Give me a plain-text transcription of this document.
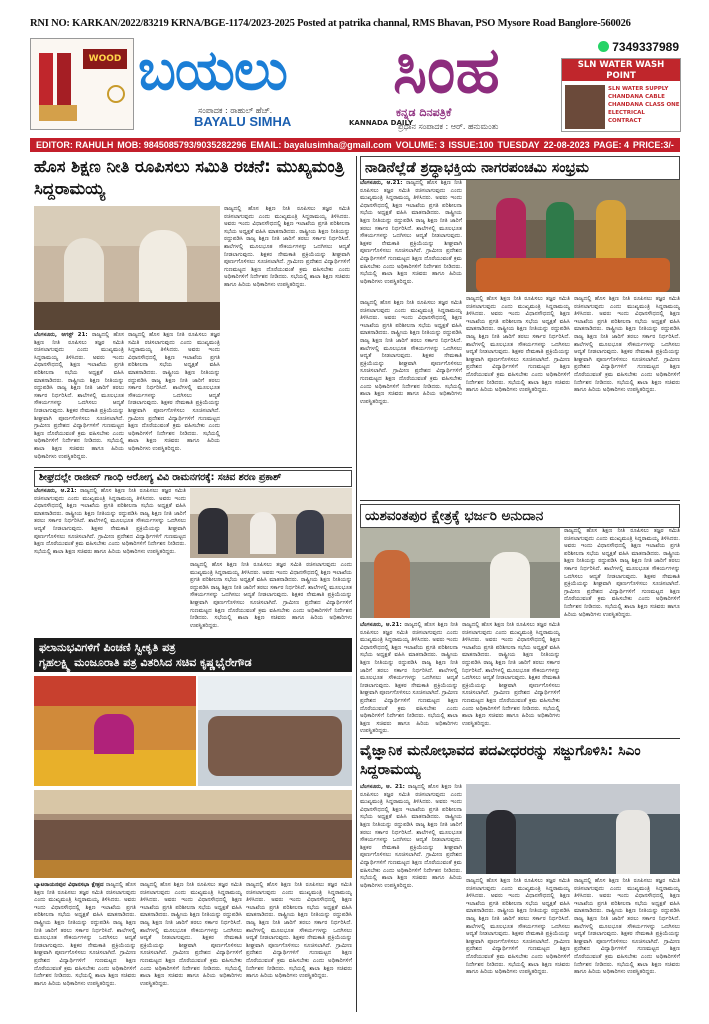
RNI NO: KARKAN/2022/83219 KRNA/BGE-1174/2023-2025 Posted at patrika channal, RMS Bhavan, PSO Mysore Road Banglore-560026
WOOD ಬಯಲು ಸಿಂಹ
ಸಂಪಾದಕ : ರಾಹುಲ್ ಹೆಚ್.	ಕನ್ನಡ ದಿನಪತ್ರಿಕೆ
BAYALU SIMHA	KANNADA DAILY
ಪ್ರಧಾನ ಸಂಪಾದಕ : ಆರ್. ಹನುಮಂತು
7349337989
SLN WATER WASH POINT
SLN WATER SUPPLY
CHANDANA CABLE
CHANDANA CLASS ONE
ELECTRICAL CONTRACT
EDITOR: RAHULH MOB: 9845085793/9035282296 EMAIL: bayalusimha@gmail.com VOLUME: 3 ISSUE:100 TUESDAY 22-08-2023 PAGE: 4 PRICE:3/-
ಹೊಸ ಶಿಕ್ಷಣ ನೀತಿ ರೂಪಿಸಲು ಸಮಿತಿ ರಚನೆ: ಮುಖ್ಯಮಂತ್ರಿ ಸಿದ್ದರಾಮಯ್ಯ
ಬೆಂಗಳೂರು, ಆಗಸ್ಟ್ 21: ರಾಜ್ಯದಲ್ಲಿ ಹೊಸ ಶಿಕ್ಷಣ ನೀತಿ ರೂಪಿಸಲು ತಜ್ಞರ ಸಮಿತಿ ರಚಿಸಲಾಗುವುದು ಎಂದು ಮುಖ್ಯಮಂತ್ರಿ ಸಿದ್ದರಾಮಯ್ಯ ತಿಳಿಸಿದರು. ಅವರು ಇಂದು ವಿಧಾನಸೌಧದಲ್ಲಿ ಶಿಕ್ಷಣ ಇಲಾಖೆಯ ಪ್ರಗತಿ ಪರಿಶೀಲನಾ ಸಭೆಯ ಅಧ್ಯಕ್ಷತೆ ವಹಿಸಿ ಮಾತನಾಡಿದರು. ರಾಷ್ಟ್ರೀಯ ಶಿಕ್ಷಣ ನೀತಿಯನ್ನು ರದ್ದುಪಡಿಸಿ ರಾಜ್ಯ ಶಿಕ್ಷಣ ನೀತಿ ಜಾರಿಗೆ ತರಲು ಸರ್ಕಾರ ನಿರ್ಧರಿಸಿದೆ. ಶಾಲೆಗಳಲ್ಲಿ ಮೂಲಭೂತ ಸೌಕರ್ಯಗಳನ್ನು ಒದಗಿಸಲು ಆದ್ಯತೆ ನೀಡಲಾಗುವುದು. ಶಿಕ್ಷಕರ ನೇಮಕಾತಿ ಪ್ರಕ್ರಿಯೆಯನ್ನು ಶೀಘ್ರವಾಗಿ ಪೂರ್ಣಗೊಳಿಸಲು ಸೂಚಿಸಲಾಗಿದೆ. ಗ್ರಾಮೀಣ ಪ್ರದೇಶದ ವಿದ್ಯಾರ್ಥಿಗಳಿಗೆ ಗುಣಮಟ್ಟದ ಶಿಕ್ಷಣ ದೊರೆಯುವಂತೆ ಕ್ರಮ ವಹಿಸಬೇಕು ಎಂದು ಅಧಿಕಾರಿಗಳಿಗೆ ನಿರ್ದೇಶನ ನೀಡಿದರು. ಸಭೆಯಲ್ಲಿ ಶಾಲಾ ಶಿಕ್ಷಣ ಸಚಿವರು ಹಾಗೂ ಹಿರಿಯ ಅಧಿಕಾರಿಗಳು ಉಪಸ್ಥಿತರಿದ್ದರು.
ರಾಜ್ಯದಲ್ಲಿ ಹೊಸ ಶಿಕ್ಷಣ ನೀತಿ ರೂಪಿಸಲು ತಜ್ಞರ ಸಮಿತಿ ರಚಿಸಲಾಗುವುದು ಎಂದು ಮುಖ್ಯಮಂತ್ರಿ ಸಿದ್ದರಾಮಯ್ಯ ತಿಳಿಸಿದರು. ಅವರು ಇಂದು ವಿಧಾನಸೌಧದಲ್ಲಿ ಶಿಕ್ಷಣ ಇಲಾಖೆಯ ಪ್ರಗತಿ ಪರಿಶೀಲನಾ ಸಭೆಯ ಅಧ್ಯಕ್ಷತೆ ವಹಿಸಿ ಮಾತನಾಡಿದರು. ರಾಷ್ಟ್ರೀಯ ಶಿಕ್ಷಣ ನೀತಿಯನ್ನು ರದ್ದುಪಡಿಸಿ ರಾಜ್ಯ ಶಿಕ್ಷಣ ನೀತಿ ಜಾರಿಗೆ ತರಲು ಸರ್ಕಾರ ನಿರ್ಧರಿಸಿದೆ. ಶಾಲೆಗಳಲ್ಲಿ ಮೂಲಭೂತ ಸೌಕರ್ಯಗಳನ್ನು ಒದಗಿಸಲು ಆದ್ಯತೆ ನೀಡಲಾಗುವುದು. ಶಿಕ್ಷಕರ ನೇಮಕಾತಿ ಪ್ರಕ್ರಿಯೆಯನ್ನು ಶೀಘ್ರವಾಗಿ ಪೂರ್ಣಗೊಳಿಸಲು ಸೂಚಿಸಲಾಗಿದೆ. ಗ್ರಾಮೀಣ ಪ್ರದೇಶದ ವಿದ್ಯಾರ್ಥಿಗಳಿಗೆ ಗುಣಮಟ್ಟದ ಶಿಕ್ಷಣ ದೊರೆಯುವಂತೆ ಕ್ರಮ ವಹಿಸಬೇಕು ಎಂದು ಅಧಿಕಾರಿಗಳಿಗೆ ನಿರ್ದೇಶನ ನೀಡಿದರು. ಸಭೆಯಲ್ಲಿ ಶಾಲಾ ಶಿಕ್ಷಣ ಸಚಿವರು ಹಾಗೂ ಹಿರಿಯ ಅಧಿಕಾರಿಗಳು ಉಪಸ್ಥಿತರಿದ್ದರು.
ರಾಜ್ಯದಲ್ಲಿ ಹೊಸ ಶಿಕ್ಷಣ ನೀತಿ ರೂಪಿಸಲು ತಜ್ಞರ ಸಮಿತಿ ರಚಿಸಲಾಗುವುದು ಎಂದು ಮುಖ್ಯಮಂತ್ರಿ ಸಿದ್ದರಾಮಯ್ಯ ತಿಳಿಸಿದರು. ಅವರು ಇಂದು ವಿಧಾನಸೌಧದಲ್ಲಿ ಶಿಕ್ಷಣ ಇಲಾಖೆಯ ಪ್ರಗತಿ ಪರಿಶೀಲನಾ ಸಭೆಯ ಅಧ್ಯಕ್ಷತೆ ವಹಿಸಿ ಮಾತನಾಡಿದರು. ರಾಷ್ಟ್ರೀಯ ಶಿಕ್ಷಣ ನೀತಿಯನ್ನು ರದ್ದುಪಡಿಸಿ ರಾಜ್ಯ ಶಿಕ್ಷಣ ನೀತಿ ಜಾರಿಗೆ ತರಲು ಸರ್ಕಾರ ನಿರ್ಧರಿಸಿದೆ. ಶಾಲೆಗಳಲ್ಲಿ ಮೂಲಭೂತ ಸೌಕರ್ಯಗಳನ್ನು ಒದಗಿಸಲು ಆದ್ಯತೆ ನೀಡಲಾಗುವುದು. ಶಿಕ್ಷಕರ ನೇಮಕಾತಿ ಪ್ರಕ್ರಿಯೆಯನ್ನು ಶೀಘ್ರವಾಗಿ ಪೂರ್ಣಗೊಳಿಸಲು ಸೂಚಿಸಲಾಗಿದೆ. ಗ್ರಾಮೀಣ ಪ್ರದೇಶದ ವಿದ್ಯಾರ್ಥಿಗಳಿಗೆ ಗುಣಮಟ್ಟದ ಶಿಕ್ಷಣ ದೊರೆಯುವಂತೆ ಕ್ರಮ ವಹಿಸಬೇಕು ಎಂದು ಅಧಿಕಾರಿಗಳಿಗೆ ನಿರ್ದೇಶನ ನೀಡಿದರು. ಸಭೆಯಲ್ಲಿ ಶಾಲಾ ಶಿಕ್ಷಣ ಸಚಿವರು ಹಾಗೂ ಹಿರಿಯ ಅಧಿಕಾರಿಗಳು ಉಪಸ್ಥಿತರಿದ್ದರು.
ಶೀಘ್ರದಲ್ಲೇ ರಾಜೀವ್ ಗಾಂಧಿ ಆರೋಗ್ಯ ವಿವಿ ರಾಮನಗರಕ್ಕೆ: ಸಚಿವ ಶರಣ ಪ್ರಕಾಶ್
ಬೆಂಗಳೂರು, ಆ.21: ರಾಜ್ಯದಲ್ಲಿ ಹೊಸ ಶಿಕ್ಷಣ ನೀತಿ ರೂಪಿಸಲು ತಜ್ಞರ ಸಮಿತಿ ರಚಿಸಲಾಗುವುದು ಎಂದು ಮುಖ್ಯಮಂತ್ರಿ ಸಿದ್ದರಾಮಯ್ಯ ತಿಳಿಸಿದರು. ಅವರು ಇಂದು ವಿಧಾನಸೌಧದಲ್ಲಿ ಶಿಕ್ಷಣ ಇಲಾಖೆಯ ಪ್ರಗತಿ ಪರಿಶೀಲನಾ ಸಭೆಯ ಅಧ್ಯಕ್ಷತೆ ವಹಿಸಿ ಮಾತನಾಡಿದರು. ರಾಷ್ಟ್ರೀಯ ಶಿಕ್ಷಣ ನೀತಿಯನ್ನು ರದ್ದುಪಡಿಸಿ ರಾಜ್ಯ ಶಿಕ್ಷಣ ನೀತಿ ಜಾರಿಗೆ ತರಲು ಸರ್ಕಾರ ನಿರ್ಧರಿಸಿದೆ. ಶಾಲೆಗಳಲ್ಲಿ ಮೂಲಭೂತ ಸೌಕರ್ಯಗಳನ್ನು ಒದಗಿಸಲು ಆದ್ಯತೆ ನೀಡಲಾಗುವುದು. ಶಿಕ್ಷಕರ ನೇಮಕಾತಿ ಪ್ರಕ್ರಿಯೆಯನ್ನು ಶೀಘ್ರವಾಗಿ ಪೂರ್ಣಗೊಳಿಸಲು ಸೂಚಿಸಲಾಗಿದೆ. ಗ್ರಾಮೀಣ ಪ್ರದೇಶದ ವಿದ್ಯಾರ್ಥಿಗಳಿಗೆ ಗುಣಮಟ್ಟದ ಶಿಕ್ಷಣ ದೊರೆಯುವಂತೆ ಕ್ರಮ ವಹಿಸಬೇಕು ಎಂದು ಅಧಿಕಾರಿಗಳಿಗೆ ನಿರ್ದೇಶನ ನೀಡಿದರು. ಸಭೆಯಲ್ಲಿ ಶಾಲಾ ಶಿಕ್ಷಣ ಸಚಿವರು ಹಾಗೂ ಹಿರಿಯ ಅಧಿಕಾರಿಗಳು ಉಪಸ್ಥಿತರಿದ್ದರು.
ರಾಜ್ಯದಲ್ಲಿ ಹೊಸ ಶಿಕ್ಷಣ ನೀತಿ ರೂಪಿಸಲು ತಜ್ಞರ ಸಮಿತಿ ರಚಿಸಲಾಗುವುದು ಎಂದು ಮುಖ್ಯಮಂತ್ರಿ ಸಿದ್ದರಾಮಯ್ಯ ತಿಳಿಸಿದರು. ಅವರು ಇಂದು ವಿಧಾನಸೌಧದಲ್ಲಿ ಶಿಕ್ಷಣ ಇಲಾಖೆಯ ಪ್ರಗತಿ ಪರಿಶೀಲನಾ ಸಭೆಯ ಅಧ್ಯಕ್ಷತೆ ವಹಿಸಿ ಮಾತನಾಡಿದರು. ರಾಷ್ಟ್ರೀಯ ಶಿಕ್ಷಣ ನೀತಿಯನ್ನು ರದ್ದುಪಡಿಸಿ ರಾಜ್ಯ ಶಿಕ್ಷಣ ನೀತಿ ಜಾರಿಗೆ ತರಲು ಸರ್ಕಾರ ನಿರ್ಧರಿಸಿದೆ. ಶಾಲೆಗಳಲ್ಲಿ ಮೂಲಭೂತ ಸೌಕರ್ಯಗಳನ್ನು ಒದಗಿಸಲು ಆದ್ಯತೆ ನೀಡಲಾಗುವುದು. ಶಿಕ್ಷಕರ ನೇಮಕಾತಿ ಪ್ರಕ್ರಿಯೆಯನ್ನು ಶೀಘ್ರವಾಗಿ ಪೂರ್ಣಗೊಳಿಸಲು ಸೂಚಿಸಲಾಗಿದೆ. ಗ್ರಾಮೀಣ ಪ್ರದೇಶದ ವಿದ್ಯಾರ್ಥಿಗಳಿಗೆ ಗುಣಮಟ್ಟದ ಶಿಕ್ಷಣ ದೊರೆಯುವಂತೆ ಕ್ರಮ ವಹಿಸಬೇಕು ಎಂದು ಅಧಿಕಾರಿಗಳಿಗೆ ನಿರ್ದೇಶನ ನೀಡಿದರು. ಸಭೆಯಲ್ಲಿ ಶಾಲಾ ಶಿಕ್ಷಣ ಸಚಿವರು ಹಾಗೂ ಹಿರಿಯ ಅಧಿಕಾರಿಗಳು ಉಪಸ್ಥಿತರಿದ್ದರು.
ಫಲಾನುಭವಿಗಳಿಗೆ ಪಿಂಚಣಿ ಸ್ವೀಕೃತಿ ಪತ್ರ
ಗೃಹಲಕ್ಷ್ಮಿ ಮಂಜೂರಾತಿ ಪತ್ರ ವಿತರಿಸಿದ ಸಚಿವ ಕೃಷ್ಣಭೈರೇಗೌಡ
ಬ್ಯಾಟರಾಯನಪುರ ವಿಧಾನಸಭಾ ಕ್ಷೇತ್ರದ ರಾಜ್ಯದಲ್ಲಿ ಹೊಸ ಶಿಕ್ಷಣ ನೀತಿ ರೂಪಿಸಲು ತಜ್ಞರ ಸಮಿತಿ ರಚಿಸಲಾಗುವುದು ಎಂದು ಮುಖ್ಯಮಂತ್ರಿ ಸಿದ್ದರಾಮಯ್ಯ ತಿಳಿಸಿದರು. ಅವರು ಇಂದು ವಿಧಾನಸೌಧದಲ್ಲಿ ಶಿಕ್ಷಣ ಇಲಾಖೆಯ ಪ್ರಗತಿ ಪರಿಶೀಲನಾ ಸಭೆಯ ಅಧ್ಯಕ್ಷತೆ ವಹಿಸಿ ಮಾತನಾಡಿದರು. ರಾಷ್ಟ್ರೀಯ ಶಿಕ್ಷಣ ನೀತಿಯನ್ನು ರದ್ದುಪಡಿಸಿ ರಾಜ್ಯ ಶಿಕ್ಷಣ ನೀತಿ ಜಾರಿಗೆ ತರಲು ಸರ್ಕಾರ ನಿರ್ಧರಿಸಿದೆ. ಶಾಲೆಗಳಲ್ಲಿ ಮೂಲಭೂತ ಸೌಕರ್ಯಗಳನ್ನು ಒದಗಿಸಲು ಆದ್ಯತೆ ನೀಡಲಾಗುವುದು. ಶಿಕ್ಷಕರ ನೇಮಕಾತಿ ಪ್ರಕ್ರಿಯೆಯನ್ನು ಶೀಘ್ರವಾಗಿ ಪೂರ್ಣಗೊಳಿಸಲು ಸೂಚಿಸಲಾಗಿದೆ. ಗ್ರಾಮೀಣ ಪ್ರದೇಶದ ವಿದ್ಯಾರ್ಥಿಗಳಿಗೆ ಗುಣಮಟ್ಟದ ಶಿಕ್ಷಣ ದೊರೆಯುವಂತೆ ಕ್ರಮ ವಹಿಸಬೇಕು ಎಂದು ಅಧಿಕಾರಿಗಳಿಗೆ ನಿರ್ದೇಶನ ನೀಡಿದರು. ಸಭೆಯಲ್ಲಿ ಶಾಲಾ ಶಿಕ್ಷಣ ಸಚಿವರು ಹಾಗೂ ಹಿರಿಯ ಅಧಿಕಾರಿಗಳು ಉಪಸ್ಥಿತರಿದ್ದರು.
ರಾಜ್ಯದಲ್ಲಿ ಹೊಸ ಶಿಕ್ಷಣ ನೀತಿ ರೂಪಿಸಲು ತಜ್ಞರ ಸಮಿತಿ ರಚಿಸಲಾಗುವುದು ಎಂದು ಮುಖ್ಯಮಂತ್ರಿ ಸಿದ್ದರಾಮಯ್ಯ ತಿಳಿಸಿದರು. ಅವರು ಇಂದು ವಿಧಾನಸೌಧದಲ್ಲಿ ಶಿಕ್ಷಣ ಇಲಾಖೆಯ ಪ್ರಗತಿ ಪರಿಶೀಲನಾ ಸಭೆಯ ಅಧ್ಯಕ್ಷತೆ ವಹಿಸಿ ಮಾತನಾಡಿದರು. ರಾಷ್ಟ್ರೀಯ ಶಿಕ್ಷಣ ನೀತಿಯನ್ನು ರದ್ದುಪಡಿಸಿ ರಾಜ್ಯ ಶಿಕ್ಷಣ ನೀತಿ ಜಾರಿಗೆ ತರಲು ಸರ್ಕಾರ ನಿರ್ಧರಿಸಿದೆ. ಶಾಲೆಗಳಲ್ಲಿ ಮೂಲಭೂತ ಸೌಕರ್ಯಗಳನ್ನು ಒದಗಿಸಲು ಆದ್ಯತೆ ನೀಡಲಾಗುವುದು. ಶಿಕ್ಷಕರ ನೇಮಕಾತಿ ಪ್ರಕ್ರಿಯೆಯನ್ನು ಶೀಘ್ರವಾಗಿ ಪೂರ್ಣಗೊಳಿಸಲು ಸೂಚಿಸಲಾಗಿದೆ. ಗ್ರಾಮೀಣ ಪ್ರದೇಶದ ವಿದ್ಯಾರ್ಥಿಗಳಿಗೆ ಗುಣಮಟ್ಟದ ಶಿಕ್ಷಣ ದೊರೆಯುವಂತೆ ಕ್ರಮ ವಹಿಸಬೇಕು ಎಂದು ಅಧಿಕಾರಿಗಳಿಗೆ ನಿರ್ದೇಶನ ನೀಡಿದರು. ಸಭೆಯಲ್ಲಿ ಶಾಲಾ ಶಿಕ್ಷಣ ಸಚಿವರು ಹಾಗೂ ಹಿರಿಯ ಅಧಿಕಾರಿಗಳು ಉಪಸ್ಥಿತರಿದ್ದರು.
ರಾಜ್ಯದಲ್ಲಿ ಹೊಸ ಶಿಕ್ಷಣ ನೀತಿ ರೂಪಿಸಲು ತಜ್ಞರ ಸಮಿತಿ ರಚಿಸಲಾಗುವುದು ಎಂದು ಮುಖ್ಯಮಂತ್ರಿ ಸಿದ್ದರಾಮಯ್ಯ ತಿಳಿಸಿದರು. ಅವರು ಇಂದು ವಿಧಾನಸೌಧದಲ್ಲಿ ಶಿಕ್ಷಣ ಇಲಾಖೆಯ ಪ್ರಗತಿ ಪರಿಶೀಲನಾ ಸಭೆಯ ಅಧ್ಯಕ್ಷತೆ ವಹಿಸಿ ಮಾತನಾಡಿದರು. ರಾಷ್ಟ್ರೀಯ ಶಿಕ್ಷಣ ನೀತಿಯನ್ನು ರದ್ದುಪಡಿಸಿ ರಾಜ್ಯ ಶಿಕ್ಷಣ ನೀತಿ ಜಾರಿಗೆ ತರಲು ಸರ್ಕಾರ ನಿರ್ಧರಿಸಿದೆ. ಶಾಲೆಗಳಲ್ಲಿ ಮೂಲಭೂತ ಸೌಕರ್ಯಗಳನ್ನು ಒದಗಿಸಲು ಆದ್ಯತೆ ನೀಡಲಾಗುವುದು. ಶಿಕ್ಷಕರ ನೇಮಕಾತಿ ಪ್ರಕ್ರಿಯೆಯನ್ನು ಶೀಘ್ರವಾಗಿ ಪೂರ್ಣಗೊಳಿಸಲು ಸೂಚಿಸಲಾಗಿದೆ. ಗ್ರಾಮೀಣ ಪ್ರದೇಶದ ವಿದ್ಯಾರ್ಥಿಗಳಿಗೆ ಗುಣಮಟ್ಟದ ಶಿಕ್ಷಣ ದೊರೆಯುವಂತೆ ಕ್ರಮ ವಹಿಸಬೇಕು ಎಂದು ಅಧಿಕಾರಿಗಳಿಗೆ ನಿರ್ದೇಶನ ನೀಡಿದರು. ಸಭೆಯಲ್ಲಿ ಶಾಲಾ ಶಿಕ್ಷಣ ಸಚಿವರು ಹಾಗೂ ಹಿರಿಯ ಅಧಿಕಾರಿಗಳು ಉಪಸ್ಥಿತರಿದ್ದರು.
ನಾಡಿನೆಲ್ಲೆಡೆ ಶ್ರದ್ಧಾಭಕ್ತಿಯ ನಾಗರಪಂಚಮಿ ಸಂಭ್ರಮ
ಬೆಂಗಳೂರು, ಆ.21: ರಾಜ್ಯದಲ್ಲಿ ಹೊಸ ಶಿಕ್ಷಣ ನೀತಿ ರೂಪಿಸಲು ತಜ್ಞರ ಸಮಿತಿ ರಚಿಸಲಾಗುವುದು ಎಂದು ಮುಖ್ಯಮಂತ್ರಿ ಸಿದ್ದರಾಮಯ್ಯ ತಿಳಿಸಿದರು. ಅವರು ಇಂದು ವಿಧಾನಸೌಧದಲ್ಲಿ ಶಿಕ್ಷಣ ಇಲಾಖೆಯ ಪ್ರಗತಿ ಪರಿಶೀಲನಾ ಸಭೆಯ ಅಧ್ಯಕ್ಷತೆ ವಹಿಸಿ ಮಾತನಾಡಿದರು. ರಾಷ್ಟ್ರೀಯ ಶಿಕ್ಷಣ ನೀತಿಯನ್ನು ರದ್ದುಪಡಿಸಿ ರಾಜ್ಯ ಶಿಕ್ಷಣ ನೀತಿ ಜಾರಿಗೆ ತರಲು ಸರ್ಕಾರ ನಿರ್ಧರಿಸಿದೆ. ಶಾಲೆಗಳಲ್ಲಿ ಮೂಲಭೂತ ಸೌಕರ್ಯಗಳನ್ನು ಒದಗಿಸಲು ಆದ್ಯತೆ ನೀಡಲಾಗುವುದು. ಶಿಕ್ಷಕರ ನೇಮಕಾತಿ ಪ್ರಕ್ರಿಯೆಯನ್ನು ಶೀಘ್ರವಾಗಿ ಪೂರ್ಣಗೊಳಿಸಲು ಸೂಚಿಸಲಾಗಿದೆ. ಗ್ರಾಮೀಣ ಪ್ರದೇಶದ ವಿದ್ಯಾರ್ಥಿಗಳಿಗೆ ಗುಣಮಟ್ಟದ ಶಿಕ್ಷಣ ದೊರೆಯುವಂತೆ ಕ್ರಮ ವಹಿಸಬೇಕು ಎಂದು ಅಧಿಕಾರಿಗಳಿಗೆ ನಿರ್ದೇಶನ ನೀಡಿದರು. ಸಭೆಯಲ್ಲಿ ಶಾಲಾ ಶಿಕ್ಷಣ ಸಚಿವರು ಹಾಗೂ ಹಿರಿಯ ಅಧಿಕಾರಿಗಳು ಉಪಸ್ಥಿತರಿದ್ದರು.
ರಾಜ್ಯದಲ್ಲಿ ಹೊಸ ಶಿಕ್ಷಣ ನೀತಿ ರೂಪಿಸಲು ತಜ್ಞರ ಸಮಿತಿ ರಚಿಸಲಾಗುವುದು ಎಂದು ಮುಖ್ಯಮಂತ್ರಿ ಸಿದ್ದರಾಮಯ್ಯ ತಿಳಿಸಿದರು. ಅವರು ಇಂದು ವಿಧಾನಸೌಧದಲ್ಲಿ ಶಿಕ್ಷಣ ಇಲಾಖೆಯ ಪ್ರಗತಿ ಪರಿಶೀಲನಾ ಸಭೆಯ ಅಧ್ಯಕ್ಷತೆ ವಹಿಸಿ ಮಾತನಾಡಿದರು. ರಾಷ್ಟ್ರೀಯ ಶಿಕ್ಷಣ ನೀತಿಯನ್ನು ರದ್ದುಪಡಿಸಿ ರಾಜ್ಯ ಶಿಕ್ಷಣ ನೀತಿ ಜಾರಿಗೆ ತರಲು ಸರ್ಕಾರ ನಿರ್ಧರಿಸಿದೆ. ಶಾಲೆಗಳಲ್ಲಿ ಮೂಲಭೂತ ಸೌಕರ್ಯಗಳನ್ನು ಒದಗಿಸಲು ಆದ್ಯತೆ ನೀಡಲಾಗುವುದು. ಶಿಕ್ಷಕರ ನೇಮಕಾತಿ ಪ್ರಕ್ರಿಯೆಯನ್ನು ಶೀಘ್ರವಾಗಿ ಪೂರ್ಣಗೊಳಿಸಲು ಸೂಚಿಸಲಾಗಿದೆ. ಗ್ರಾಮೀಣ ಪ್ರದೇಶದ ವಿದ್ಯಾರ್ಥಿಗಳಿಗೆ ಗುಣಮಟ್ಟದ ಶಿಕ್ಷಣ ದೊರೆಯುವಂತೆ ಕ್ರಮ ವಹಿಸಬೇಕು ಎಂದು ಅಧಿಕಾರಿಗಳಿಗೆ ನಿರ್ದೇಶನ ನೀಡಿದರು. ಸಭೆಯಲ್ಲಿ ಶಾಲಾ ಶಿಕ್ಷಣ ಸಚಿವರು ಹಾಗೂ ಹಿರಿಯ ಅಧಿಕಾರಿಗಳು ಉಪಸ್ಥಿತರಿದ್ದರು.
ರಾಜ್ಯದಲ್ಲಿ ಹೊಸ ಶಿಕ್ಷಣ ನೀತಿ ರೂಪಿಸಲು ತಜ್ಞರ ಸಮಿತಿ ರಚಿಸಲಾಗುವುದು ಎಂದು ಮುಖ್ಯಮಂತ್ರಿ ಸಿದ್ದರಾಮಯ್ಯ ತಿಳಿಸಿದರು. ಅವರು ಇಂದು ವಿಧಾನಸೌಧದಲ್ಲಿ ಶಿಕ್ಷಣ ಇಲಾಖೆಯ ಪ್ರಗತಿ ಪರಿಶೀಲನಾ ಸಭೆಯ ಅಧ್ಯಕ್ಷತೆ ವಹಿಸಿ ಮಾತನಾಡಿದರು. ರಾಷ್ಟ್ರೀಯ ಶಿಕ್ಷಣ ನೀತಿಯನ್ನು ರದ್ದುಪಡಿಸಿ ರಾಜ್ಯ ಶಿಕ್ಷಣ ನೀತಿ ಜಾರಿಗೆ ತರಲು ಸರ್ಕಾರ ನಿರ್ಧರಿಸಿದೆ. ಶಾಲೆಗಳಲ್ಲಿ ಮೂಲಭೂತ ಸೌಕರ್ಯಗಳನ್ನು ಒದಗಿಸಲು ಆದ್ಯತೆ ನೀಡಲಾಗುವುದು. ಶಿಕ್ಷಕರ ನೇಮಕಾತಿ ಪ್ರಕ್ರಿಯೆಯನ್ನು ಶೀಘ್ರವಾಗಿ ಪೂರ್ಣಗೊಳಿಸಲು ಸೂಚಿಸಲಾಗಿದೆ. ಗ್ರಾಮೀಣ ಪ್ರದೇಶದ ವಿದ್ಯಾರ್ಥಿಗಳಿಗೆ ಗುಣಮಟ್ಟದ ಶಿಕ್ಷಣ ದೊರೆಯುವಂತೆ ಕ್ರಮ ವಹಿಸಬೇಕು ಎಂದು ಅಧಿಕಾರಿಗಳಿಗೆ ನಿರ್ದೇಶನ ನೀಡಿದರು. ಸಭೆಯಲ್ಲಿ ಶಾಲಾ ಶಿಕ್ಷಣ ಸಚಿವರು ಹಾಗೂ ಹಿರಿಯ ಅಧಿಕಾರಿಗಳು ಉಪಸ್ಥಿತರಿದ್ದರು.
ರಾಜ್ಯದಲ್ಲಿ ಹೊಸ ಶಿಕ್ಷಣ ನೀತಿ ರೂಪಿಸಲು ತಜ್ಞರ ಸಮಿತಿ ರಚಿಸಲಾಗುವುದು ಎಂದು ಮುಖ್ಯಮಂತ್ರಿ ಸಿದ್ದರಾಮಯ್ಯ ತಿಳಿಸಿದರು. ಅವರು ಇಂದು ವಿಧಾನಸೌಧದಲ್ಲಿ ಶಿಕ್ಷಣ ಇಲಾಖೆಯ ಪ್ರಗತಿ ಪರಿಶೀಲನಾ ಸಭೆಯ ಅಧ್ಯಕ್ಷತೆ ವಹಿಸಿ ಮಾತನಾಡಿದರು. ರಾಷ್ಟ್ರೀಯ ಶಿಕ್ಷಣ ನೀತಿಯನ್ನು ರದ್ದುಪಡಿಸಿ ರಾಜ್ಯ ಶಿಕ್ಷಣ ನೀತಿ ಜಾರಿಗೆ ತರಲು ಸರ್ಕಾರ ನಿರ್ಧರಿಸಿದೆ. ಶಾಲೆಗಳಲ್ಲಿ ಮೂಲಭೂತ ಸೌಕರ್ಯಗಳನ್ನು ಒದಗಿಸಲು ಆದ್ಯತೆ ನೀಡಲಾಗುವುದು. ಶಿಕ್ಷಕರ ನೇಮಕಾತಿ ಪ್ರಕ್ರಿಯೆಯನ್ನು ಶೀಘ್ರವಾಗಿ ಪೂರ್ಣಗೊಳಿಸಲು ಸೂಚಿಸಲಾಗಿದೆ. ಗ್ರಾಮೀಣ ಪ್ರದೇಶದ ವಿದ್ಯಾರ್ಥಿಗಳಿಗೆ ಗುಣಮಟ್ಟದ ಶಿಕ್ಷಣ ದೊರೆಯುವಂತೆ ಕ್ರಮ ವಹಿಸಬೇಕು ಎಂದು ಅಧಿಕಾರಿಗಳಿಗೆ ನಿರ್ದೇಶನ ನೀಡಿದರು. ಸಭೆಯಲ್ಲಿ ಶಾಲಾ ಶಿಕ್ಷಣ ಸಚಿವರು ಹಾಗೂ ಹಿರಿಯ ಅಧಿಕಾರಿಗಳು ಉಪಸ್ಥಿತರಿದ್ದರು.
ಯಶವಂತಪುರ ಕ್ಷೇತ್ರಕ್ಕೆ ಭರ್ಜರಿ ಅನುದಾನ
ರಾಜ್ಯದಲ್ಲಿ ಹೊಸ ಶಿಕ್ಷಣ ನೀತಿ ರೂಪಿಸಲು ತಜ್ಞರ ಸಮಿತಿ ರಚಿಸಲಾಗುವುದು ಎಂದು ಮುಖ್ಯಮಂತ್ರಿ ಸಿದ್ದರಾಮಯ್ಯ ತಿಳಿಸಿದರು. ಅವರು ಇಂದು ವಿಧಾನಸೌಧದಲ್ಲಿ ಶಿಕ್ಷಣ ಇಲಾಖೆಯ ಪ್ರಗತಿ ಪರಿಶೀಲನಾ ಸಭೆಯ ಅಧ್ಯಕ್ಷತೆ ವಹಿಸಿ ಮಾತನಾಡಿದರು. ರಾಷ್ಟ್ರೀಯ ಶಿಕ್ಷಣ ನೀತಿಯನ್ನು ರದ್ದುಪಡಿಸಿ ರಾಜ್ಯ ಶಿಕ್ಷಣ ನೀತಿ ಜಾರಿಗೆ ತರಲು ಸರ್ಕಾರ ನಿರ್ಧರಿಸಿದೆ. ಶಾಲೆಗಳಲ್ಲಿ ಮೂಲಭೂತ ಸೌಕರ್ಯಗಳನ್ನು ಒದಗಿಸಲು ಆದ್ಯತೆ ನೀಡಲಾಗುವುದು. ಶಿಕ್ಷಕರ ನೇಮಕಾತಿ ಪ್ರಕ್ರಿಯೆಯನ್ನು ಶೀಘ್ರವಾಗಿ ಪೂರ್ಣಗೊಳಿಸಲು ಸೂಚಿಸಲಾಗಿದೆ. ಗ್ರಾಮೀಣ ಪ್ರದೇಶದ ವಿದ್ಯಾರ್ಥಿಗಳಿಗೆ ಗುಣಮಟ್ಟದ ಶಿಕ್ಷಣ ದೊರೆಯುವಂತೆ ಕ್ರಮ ವಹಿಸಬೇಕು ಎಂದು ಅಧಿಕಾರಿಗಳಿಗೆ ನಿರ್ದೇಶನ ನೀಡಿದರು. ಸಭೆಯಲ್ಲಿ ಶಾಲಾ ಶಿಕ್ಷಣ ಸಚಿವರು ಹಾಗೂ ಹಿರಿಯ ಅಧಿಕಾರಿಗಳು ಉಪಸ್ಥಿತರಿದ್ದರು.
ಬೆಂಗಳೂರು, ಆ.21: ರಾಜ್ಯದಲ್ಲಿ ಹೊಸ ಶಿಕ್ಷಣ ನೀತಿ ರೂಪಿಸಲು ತಜ್ಞರ ಸಮಿತಿ ರಚಿಸಲಾಗುವುದು ಎಂದು ಮುಖ್ಯಮಂತ್ರಿ ಸಿದ್ದರಾಮಯ್ಯ ತಿಳಿಸಿದರು. ಅವರು ಇಂದು ವಿಧಾನಸೌಧದಲ್ಲಿ ಶಿಕ್ಷಣ ಇಲಾಖೆಯ ಪ್ರಗತಿ ಪರಿಶೀಲನಾ ಸಭೆಯ ಅಧ್ಯಕ್ಷತೆ ವಹಿಸಿ ಮಾತನಾಡಿದರು. ರಾಷ್ಟ್ರೀಯ ಶಿಕ್ಷಣ ನೀತಿಯನ್ನು ರದ್ದುಪಡಿಸಿ ರಾಜ್ಯ ಶಿಕ್ಷಣ ನೀತಿ ಜಾರಿಗೆ ತರಲು ಸರ್ಕಾರ ನಿರ್ಧರಿಸಿದೆ. ಶಾಲೆಗಳಲ್ಲಿ ಮೂಲಭೂತ ಸೌಕರ್ಯಗಳನ್ನು ಒದಗಿಸಲು ಆದ್ಯತೆ ನೀಡಲಾಗುವುದು. ಶಿಕ್ಷಕರ ನೇಮಕಾತಿ ಪ್ರಕ್ರಿಯೆಯನ್ನು ಶೀಘ್ರವಾಗಿ ಪೂರ್ಣಗೊಳಿಸಲು ಸೂಚಿಸಲಾಗಿದೆ. ಗ್ರಾಮೀಣ ಪ್ರದೇಶದ ವಿದ್ಯಾರ್ಥಿಗಳಿಗೆ ಗುಣಮಟ್ಟದ ಶಿಕ್ಷಣ ದೊರೆಯುವಂತೆ ಕ್ರಮ ವಹಿಸಬೇಕು ಎಂದು ಅಧಿಕಾರಿಗಳಿಗೆ ನಿರ್ದೇಶನ ನೀಡಿದರು. ಸಭೆಯಲ್ಲಿ ಶಾಲಾ ಶಿಕ್ಷಣ ಸಚಿವರು ಹಾಗೂ ಹಿರಿಯ ಅಧಿಕಾರಿಗಳು ಉಪಸ್ಥಿತರಿದ್ದರು.
ರಾಜ್ಯದಲ್ಲಿ ಹೊಸ ಶಿಕ್ಷಣ ನೀತಿ ರೂಪಿಸಲು ತಜ್ಞರ ಸಮಿತಿ ರಚಿಸಲಾಗುವುದು ಎಂದು ಮುಖ್ಯಮಂತ್ರಿ ಸಿದ್ದರಾಮಯ್ಯ ತಿಳಿಸಿದರು. ಅವರು ಇಂದು ವಿಧಾನಸೌಧದಲ್ಲಿ ಶಿಕ್ಷಣ ಇಲಾಖೆಯ ಪ್ರಗತಿ ಪರಿಶೀಲನಾ ಸಭೆಯ ಅಧ್ಯಕ್ಷತೆ ವಹಿಸಿ ಮಾತನಾಡಿದರು. ರಾಷ್ಟ್ರೀಯ ಶಿಕ್ಷಣ ನೀತಿಯನ್ನು ರದ್ದುಪಡಿಸಿ ರಾಜ್ಯ ಶಿಕ್ಷಣ ನೀತಿ ಜಾರಿಗೆ ತರಲು ಸರ್ಕಾರ ನಿರ್ಧರಿಸಿದೆ. ಶಾಲೆಗಳಲ್ಲಿ ಮೂಲಭೂತ ಸೌಕರ್ಯಗಳನ್ನು ಒದಗಿಸಲು ಆದ್ಯತೆ ನೀಡಲಾಗುವುದು. ಶಿಕ್ಷಕರ ನೇಮಕಾತಿ ಪ್ರಕ್ರಿಯೆಯನ್ನು ಶೀಘ್ರವಾಗಿ ಪೂರ್ಣಗೊಳಿಸಲು ಸೂಚಿಸಲಾಗಿದೆ. ಗ್ರಾಮೀಣ ಪ್ರದೇಶದ ವಿದ್ಯಾರ್ಥಿಗಳಿಗೆ ಗುಣಮಟ್ಟದ ಶಿಕ್ಷಣ ದೊರೆಯುವಂತೆ ಕ್ರಮ ವಹಿಸಬೇಕು ಎಂದು ಅಧಿಕಾರಿಗಳಿಗೆ ನಿರ್ದೇಶನ ನೀಡಿದರು. ಸಭೆಯಲ್ಲಿ ಶಾಲಾ ಶಿಕ್ಷಣ ಸಚಿವರು ಹಾಗೂ ಹಿರಿಯ ಅಧಿಕಾರಿಗಳು ಉಪಸ್ಥಿತರಿದ್ದರು.
ವೈಜ್ಞಾನಿಕ ಮನೋಭಾವದ ಪದವೀಧರರನ್ನು ಸಜ್ಜುಗೊಳಿಸಿ: ಸಿಎಂ ಸಿದ್ದರಾಮಯ್ಯ
ಬೆಂಗಳೂರು, ಆ. 21: ರಾಜ್ಯದಲ್ಲಿ ಹೊಸ ಶಿಕ್ಷಣ ನೀತಿ ರೂಪಿಸಲು ತಜ್ಞರ ಸಮಿತಿ ರಚಿಸಲಾಗುವುದು ಎಂದು ಮುಖ್ಯಮಂತ್ರಿ ಸಿದ್ದರಾಮಯ್ಯ ತಿಳಿಸಿದರು. ಅವರು ಇಂದು ವಿಧಾನಸೌಧದಲ್ಲಿ ಶಿಕ್ಷಣ ಇಲಾಖೆಯ ಪ್ರಗತಿ ಪರಿಶೀಲನಾ ಸಭೆಯ ಅಧ್ಯಕ್ಷತೆ ವಹಿಸಿ ಮಾತನಾಡಿದರು. ರಾಷ್ಟ್ರೀಯ ಶಿಕ್ಷಣ ನೀತಿಯನ್ನು ರದ್ದುಪಡಿಸಿ ರಾಜ್ಯ ಶಿಕ್ಷಣ ನೀತಿ ಜಾರಿಗೆ ತರಲು ಸರ್ಕಾರ ನಿರ್ಧರಿಸಿದೆ. ಶಾಲೆಗಳಲ್ಲಿ ಮೂಲಭೂತ ಸೌಕರ್ಯಗಳನ್ನು ಒದಗಿಸಲು ಆದ್ಯತೆ ನೀಡಲಾಗುವುದು. ಶಿಕ್ಷಕರ ನೇಮಕಾತಿ ಪ್ರಕ್ರಿಯೆಯನ್ನು ಶೀಘ್ರವಾಗಿ ಪೂರ್ಣಗೊಳಿಸಲು ಸೂಚಿಸಲಾಗಿದೆ. ಗ್ರಾಮೀಣ ಪ್ರದೇಶದ ವಿದ್ಯಾರ್ಥಿಗಳಿಗೆ ಗುಣಮಟ್ಟದ ಶಿಕ್ಷಣ ದೊರೆಯುವಂತೆ ಕ್ರಮ ವಹಿಸಬೇಕು ಎಂದು ಅಧಿಕಾರಿಗಳಿಗೆ ನಿರ್ದೇಶನ ನೀಡಿದರು. ಸಭೆಯಲ್ಲಿ ಶಾಲಾ ಶಿಕ್ಷಣ ಸಚಿವರು ಹಾಗೂ ಹಿರಿಯ ಅಧಿಕಾರಿಗಳು ಉಪಸ್ಥಿತರಿದ್ದರು.
ರಾಜ್ಯದಲ್ಲಿ ಹೊಸ ಶಿಕ್ಷಣ ನೀತಿ ರೂಪಿಸಲು ತಜ್ಞರ ಸಮಿತಿ ರಚಿಸಲಾಗುವುದು ಎಂದು ಮುಖ್ಯಮಂತ್ರಿ ಸಿದ್ದರಾಮಯ್ಯ ತಿಳಿಸಿದರು. ಅವರು ಇಂದು ವಿಧಾನಸೌಧದಲ್ಲಿ ಶಿಕ್ಷಣ ಇಲಾಖೆಯ ಪ್ರಗತಿ ಪರಿಶೀಲನಾ ಸಭೆಯ ಅಧ್ಯಕ್ಷತೆ ವಹಿಸಿ ಮಾತನಾಡಿದರು. ರಾಷ್ಟ್ರೀಯ ಶಿಕ್ಷಣ ನೀತಿಯನ್ನು ರದ್ದುಪಡಿಸಿ ರಾಜ್ಯ ಶಿಕ್ಷಣ ನೀತಿ ಜಾರಿಗೆ ತರಲು ಸರ್ಕಾರ ನಿರ್ಧರಿಸಿದೆ. ಶಾಲೆಗಳಲ್ಲಿ ಮೂಲಭೂತ ಸೌಕರ್ಯಗಳನ್ನು ಒದಗಿಸಲು ಆದ್ಯತೆ ನೀಡಲಾಗುವುದು. ಶಿಕ್ಷಕರ ನೇಮಕಾತಿ ಪ್ರಕ್ರಿಯೆಯನ್ನು ಶೀಘ್ರವಾಗಿ ಪೂರ್ಣಗೊಳಿಸಲು ಸೂಚಿಸಲಾಗಿದೆ. ಗ್ರಾಮೀಣ ಪ್ರದೇಶದ ವಿದ್ಯಾರ್ಥಿಗಳಿಗೆ ಗುಣಮಟ್ಟದ ಶಿಕ್ಷಣ ದೊರೆಯುವಂತೆ ಕ್ರಮ ವಹಿಸಬೇಕು ಎಂದು ಅಧಿಕಾರಿಗಳಿಗೆ ನಿರ್ದೇಶನ ನೀಡಿದರು. ಸಭೆಯಲ್ಲಿ ಶಾಲಾ ಶಿಕ್ಷಣ ಸಚಿವರು ಹಾಗೂ ಹಿರಿಯ ಅಧಿಕಾರಿಗಳು ಉಪಸ್ಥಿತರಿದ್ದರು.
ರಾಜ್ಯದಲ್ಲಿ ಹೊಸ ಶಿಕ್ಷಣ ನೀತಿ ರೂಪಿಸಲು ತಜ್ಞರ ಸಮಿತಿ ರಚಿಸಲಾಗುವುದು ಎಂದು ಮುಖ್ಯಮಂತ್ರಿ ಸಿದ್ದರಾಮಯ್ಯ ತಿಳಿಸಿದರು. ಅವರು ಇಂದು ವಿಧಾನಸೌಧದಲ್ಲಿ ಶಿಕ್ಷಣ ಇಲಾಖೆಯ ಪ್ರಗತಿ ಪರಿಶೀಲನಾ ಸಭೆಯ ಅಧ್ಯಕ್ಷತೆ ವಹಿಸಿ ಮಾತನಾಡಿದರು. ರಾಷ್ಟ್ರೀಯ ಶಿಕ್ಷಣ ನೀತಿಯನ್ನು ರದ್ದುಪಡಿಸಿ ರಾಜ್ಯ ಶಿಕ್ಷಣ ನೀತಿ ಜಾರಿಗೆ ತರಲು ಸರ್ಕಾರ ನಿರ್ಧರಿಸಿದೆ. ಶಾಲೆಗಳಲ್ಲಿ ಮೂಲಭೂತ ಸೌಕರ್ಯಗಳನ್ನು ಒದಗಿಸಲು ಆದ್ಯತೆ ನೀಡಲಾಗುವುದು. ಶಿಕ್ಷಕರ ನೇಮಕಾತಿ ಪ್ರಕ್ರಿಯೆಯನ್ನು ಶೀಘ್ರವಾಗಿ ಪೂರ್ಣಗೊಳಿಸಲು ಸೂಚಿಸಲಾಗಿದೆ. ಗ್ರಾಮೀಣ ಪ್ರದೇಶದ ವಿದ್ಯಾರ್ಥಿಗಳಿಗೆ ಗುಣಮಟ್ಟದ ಶಿಕ್ಷಣ ದೊರೆಯುವಂತೆ ಕ್ರಮ ವಹಿಸಬೇಕು ಎಂದು ಅಧಿಕಾರಿಗಳಿಗೆ ನಿರ್ದೇಶನ ನೀಡಿದರು. ಸಭೆಯಲ್ಲಿ ಶಾಲಾ ಶಿಕ್ಷಣ ಸಚಿವರು ಹಾಗೂ ಹಿರಿಯ ಅಧಿಕಾರಿಗಳು ಉಪಸ್ಥಿತರಿದ್ದರು.
